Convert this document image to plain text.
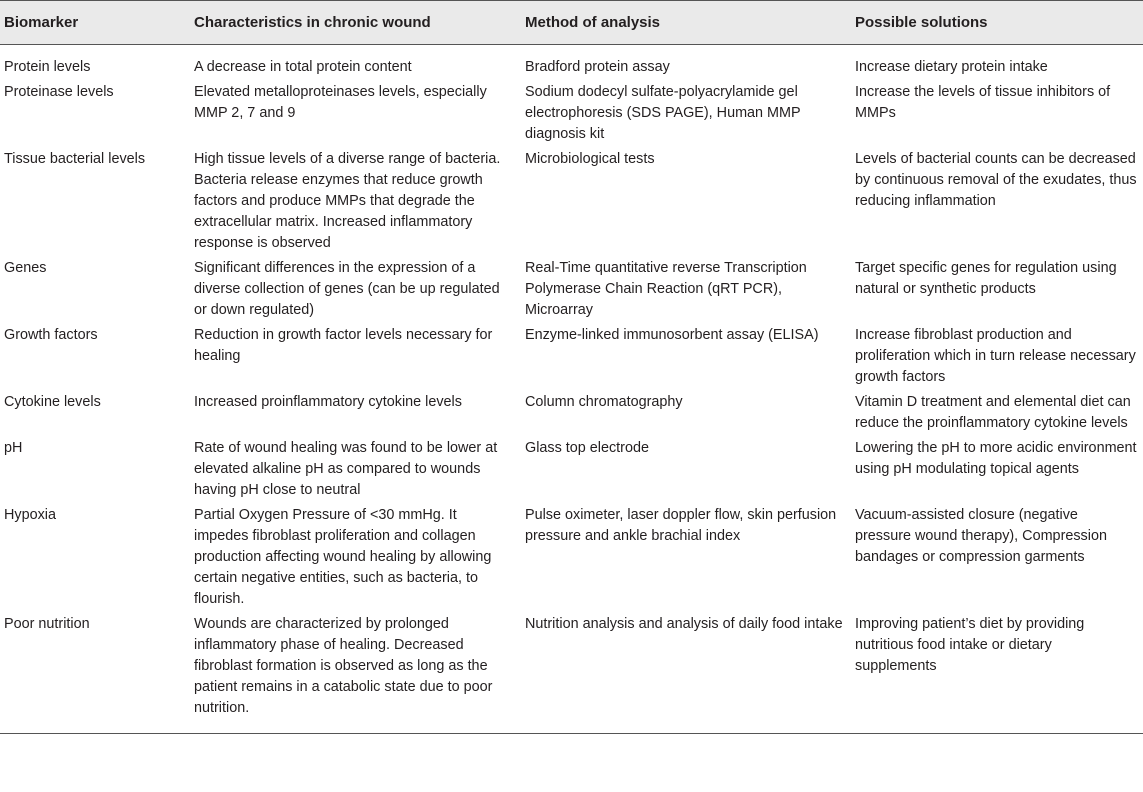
Biomarker	Characteristics in chronic wound	Method of analysis	Possible solutions
Protein levels	A decrease in total protein content	Bradford protein assay	Increase dietary protein intake
Proteinase levels	Elevated metalloproteinases levels, especially MMP 2, 7 and 9	Sodium dodecyl sulfate-polyacrylamide gel electrophoresis (SDS PAGE), Human MMP diagnosis kit	Increase the levels of tissue inhibitors of MMPs
Tissue bacterial levels	High tissue levels of a diverse range of bacteria. Bacteria release enzymes that reduce growth factors and produce MMPs that degrade the extracellular matrix. Increased inflammatory response is observed	Microbiological tests	Levels of bacterial counts can be decreased by continuous removal of the exudates, thus reducing inflammation
Genes	Significant differences in the expression of a diverse collection of genes (can be up regulated or down regulated)	Real-Time quantitative reverse Transcription Polymerase Chain Reaction (qRT PCR), Microarray	Target specific genes for regulation using natural or synthetic products
Growth factors	Reduction in growth factor levels necessary for healing	Enzyme-linked immunosorbent assay (ELISA)	Increase fibroblast production and proliferation which in turn release necessary growth factors
Cytokine levels	Increased proinflammatory cytokine levels	Column chromatography	Vitamin D treatment and elemental diet can reduce the proinflammatory cytokine levels
pH	Rate of wound healing was found to be lower at elevated alkaline pH as compared to wounds having pH close to neutral	Glass top electrode	Lowering the pH to more acidic environment using pH modulating topical agents
Hypoxia	Partial Oxygen Pressure of <30 mmHg. It impedes fibroblast proliferation and collagen production affecting wound healing by allowing certain negative entities, such as bacteria, to flourish.	Pulse oximeter, laser doppler flow, skin perfusion pressure and ankle brachial index	Vacuum-assisted closure (negative pressure wound therapy), Compression bandages or compression garments
Poor nutrition	Wounds are characterized by prolonged inflammatory phase of healing. Decreased fibroblast formation is observed as long as the patient remains in a catabolic state due to poor nutrition.	Nutrition analysis and analysis of daily food intake	Improving patient’s diet by providing nutritious food intake or dietary supplements
